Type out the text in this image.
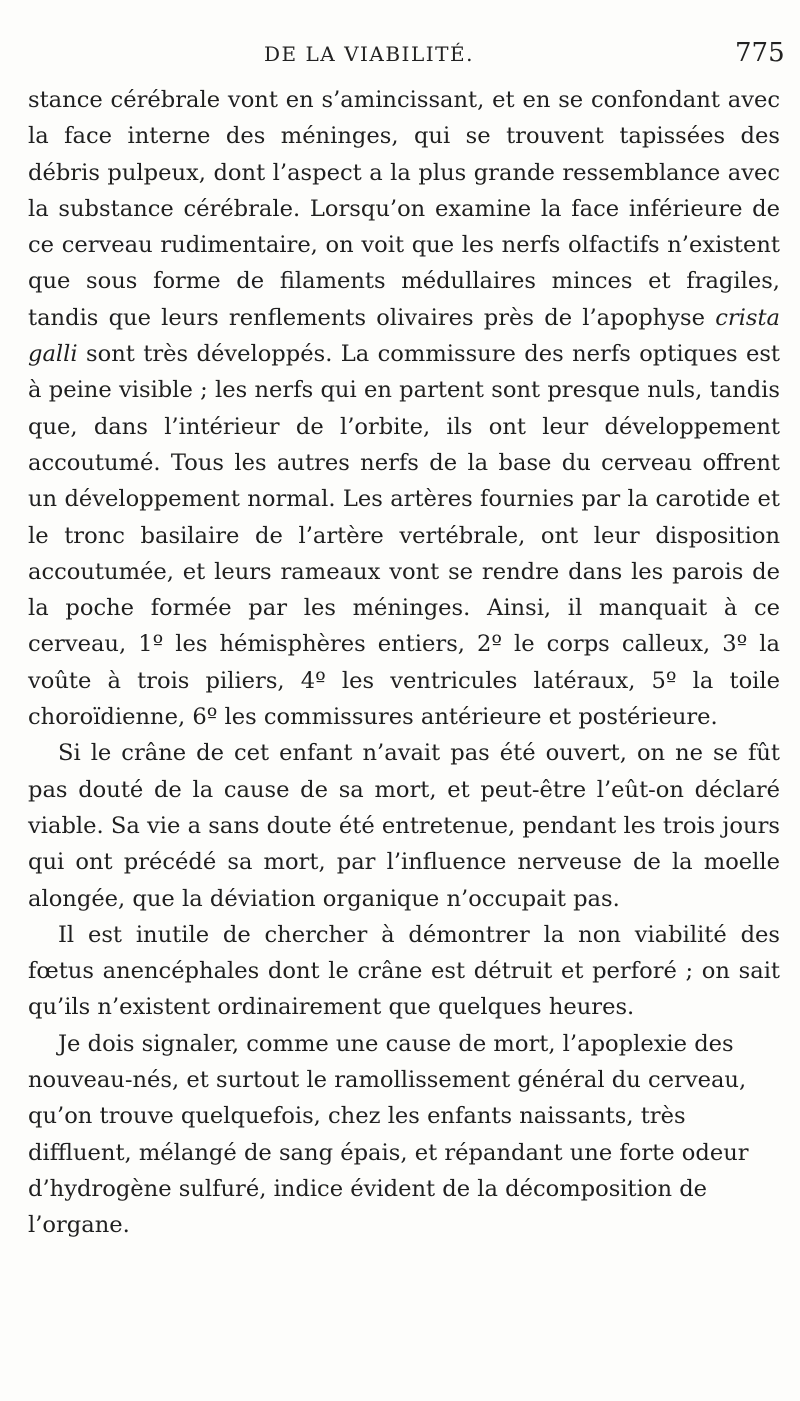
DE LA VIABILITÉ.	775

stance cérébrale vont en s’amincissant, et en se confondant avec la face interne des méninges, qui se trouvent tapissées des débris pulpeux, dont l’aspect a la plus grande ressemblance avec la substance cérébrale. Lorsqu’on examine la face inférieure de ce cerveau rudimentaire, on voit que les nerfs olfactifs n’existent que sous forme de filaments médullaires minces et fragiles, tandis que leurs renflements olivaires près de l’apophyse crista galli sont très développés. La commissure des nerfs optiques est à peine visible ; les nerfs qui en partent sont presque nuls, tandis que, dans l’intérieur de l’orbite, ils ont leur développement accoutumé. Tous les autres nerfs de la base du cerveau offrent un développement normal. Les artères fournies par la carotide et le tronc basilaire de l’artère vertébrale, ont leur disposition accoutumée, et leurs rameaux vont se rendre dans les parois de la poche formée par les méninges. Ainsi, il manquait à ce cerveau, 1º les hémisphères entiers, 2º le corps calleux, 3º la voûte à trois piliers, 4º les ventricules latéraux, 5º la toile choroïdienne, 6º les commissures antérieure et postérieure.

Si le crâne de cet enfant n’avait pas été ouvert, on ne se fût pas douté de la cause de sa mort, et peut-être l’eût-on déclaré viable. Sa vie a sans doute été entretenue, pendant les trois jours qui ont précédé sa mort, par l’influence nerveuse de la moelle alongée, que la déviation organique n’occupait pas.

Il est inutile de chercher à démontrer la non viabilité des fœtus anencéphales dont le crâne est détruit et perforé ; on sait qu’ils n’existent ordinairement que quelques heures.

Je dois signaler, comme une cause de mort, l’apoplexie des nouveau-nés, et surtout le ramollissement général du cerveau, qu’on trouve quelquefois, chez les enfants naissants, très diffluent, mélangé de sang épais, et répandant une forte odeur d’hydrogène sulfuré, indice évident de la décomposition de l’organe.
